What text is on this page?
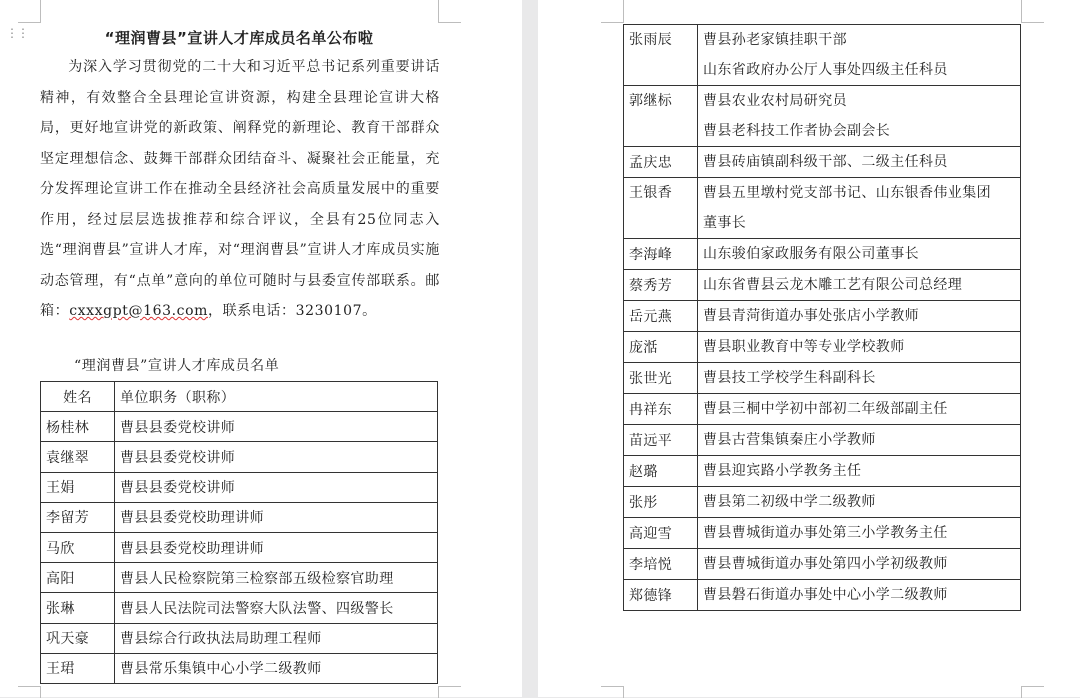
⋮⋮	“理润曹县”宣讲人才库成员名单公布啦

为深入学习贯彻党的二十大和习近平总书记系列重要讲话精神，有效整合全县理论宣讲资源，构建全县理论宣讲大格局，更好地宣讲党的新政策、阐释党的新理论、教育干部群众坚定理想信念、鼓舞干部群众团结奋斗、凝聚社会正能量，充分发挥理论宣讲工作在推动全县经济社会高质量发展中的重要作用，经过层层选拔推荐和综合评议，全县有25位同志入选“理润曹县”宣讲人才库，对“理润曹县”宣讲人才库成员实施动态管理，有“点单”意向的单位可随时与县委宣传部联系。邮箱：cxxxgpt@163.com，联系电话：3230107。

“理润曹县”宣讲人才库成员名单
姓名	单位职务（职称）
杨桂林	曹县县委党校讲师
袁继翠	曹县县委党校讲师
王娟	曹县县委党校讲师
李留芳	曹县县委党校助理讲师
马欣	曹县县委党校助理讲师
高阳	曹县人民检察院第三检察部五级检察官助理
张琳	曹县人民法院司法警察大队法警、四级警长
巩天豪	曹县综合行政执法局助理工程师
王珺	曹县常乐集镇中心小学二级教师
张雨辰	曹县孙老家镇挂职干部
山东省政府办公厅人事处四级主任科员

郭继标	曹县农业农村局研究员
曹县老科技工作者协会副会长

孟庆忠	曹县砖庙镇副科级干部、二级主任科员

王银香	曹县五里墩村党支部书记、山东银香伟业集团
董事长

李海峰	山东骏伯家政服务有限公司董事长

蔡秀芳	山东省曹县云龙木雕工艺有限公司总经理

岳元燕	曹县青菏街道办事处张店小学教师

庞湉	曹县职业教育中等专业学校教师

张世光	曹县技工学校学生科副科长

冉祥东	曹县三桐中学初中部初二年级部副主任

苗远平	曹县古营集镇秦庄小学教师

赵璐	曹县迎宾路小学教务主任

张彤	曹县第二初级中学二级教师

高迎雪	曹县曹城街道办事处第三小学教务主任

李培悦	曹县曹城街道办事处第四小学初级教师

郑德锋	曹县磐石街道办事处中心小学二级教师
